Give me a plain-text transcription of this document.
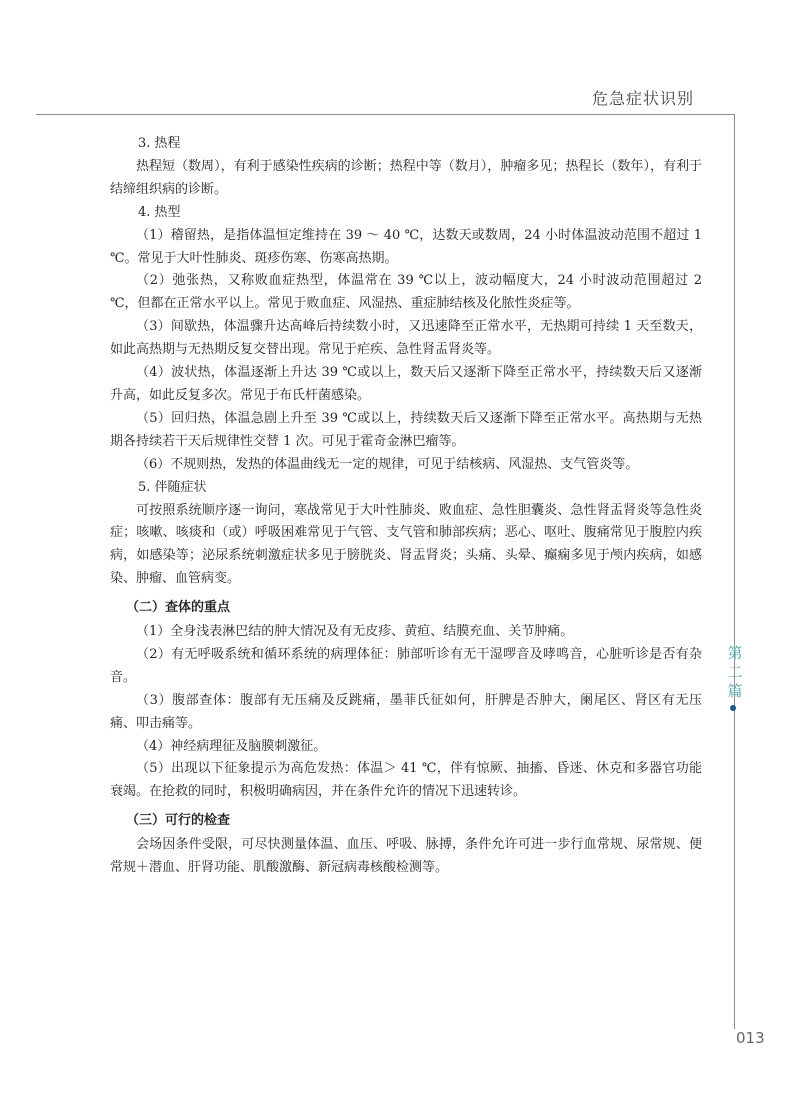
危急症状识别
第二篇
013

3. 热程

热程短（数周），有利于感染性疾病的诊断；热程中等（数月），肿瘤多见；热程长（数年），有利于结缔组织病的诊断。

4. 热型

（1）稽留热，是指体温恒定维持在 39 ～ 40 ℃，达数天或数周，24 小时体温波动范围不超过 1 ℃。常见于大叶性肺炎、斑疹伤寒、伤寒高热期。

（2）弛张热，又称败血症热型，体温常在 39 ℃以上，波动幅度大，24 小时波动范围超过 2 ℃，但都在正常水平以上。常见于败血症、风湿热、重症肺结核及化脓性炎症等。

（3）间歇热，体温骤升达高峰后持续数小时，又迅速降至正常水平，无热期可持续 1 天至数天，如此高热期与无热期反复交替出现。常见于疟疾、急性肾盂肾炎等。

（4）波状热，体温逐渐上升达 39 ℃或以上，数天后又逐渐下降至正常水平，持续数天后又逐渐升高，如此反复多次。常见于布氏杆菌感染。

（5）回归热，体温急剧上升至 39 ℃或以上，持续数天后又逐渐下降至正常水平。高热期与无热期各持续若干天后规律性交替 1 次。可见于霍奇金淋巴瘤等。

（6）不规则热，发热的体温曲线无一定的规律，可见于结核病、风湿热、支气管炎等。

5. 伴随症状

可按照系统顺序逐一询问，寒战常见于大叶性肺炎、败血症、急性胆囊炎、急性肾盂肾炎等急性炎症；咳嗽、咳痰和（或）呼吸困难常见于气管、支气管和肺部疾病；恶心、呕吐、腹痛常见于腹腔内疾病，如感染等；泌尿系统刺激症状多见于膀胱炎、肾盂肾炎；头痛、头晕、癫痫多见于颅内疾病，如感染、肿瘤、血管病变。

（二）查体的重点

（1）全身浅表淋巴结的肿大情况及有无皮疹、黄疸、结膜充血、关节肿痛。

（2）有无呼吸系统和循环系统的病理体征：肺部听诊有无干湿啰音及哮鸣音，心脏听诊是否有杂音。

（3）腹部查体：腹部有无压痛及反跳痛，墨菲氏征如何，肝脾是否肿大，阑尾区、肾区有无压痛、叩击痛等。

（4）神经病理征及脑膜刺激征。

（5）出现以下征象提示为高危发热：体温＞ 41 ℃，伴有惊厥、抽搐、昏迷、休克和多器官功能衰竭。在抢救的同时，积极明确病因，并在条件允许的情况下迅速转诊。

（三）可行的检查

会场因条件受限，可尽快测量体温、血压、呼吸、脉搏，条件允许可进一步行血常规、尿常规、便常规＋潜血、肝肾功能、肌酸激酶、新冠病毒核酸检测等。
